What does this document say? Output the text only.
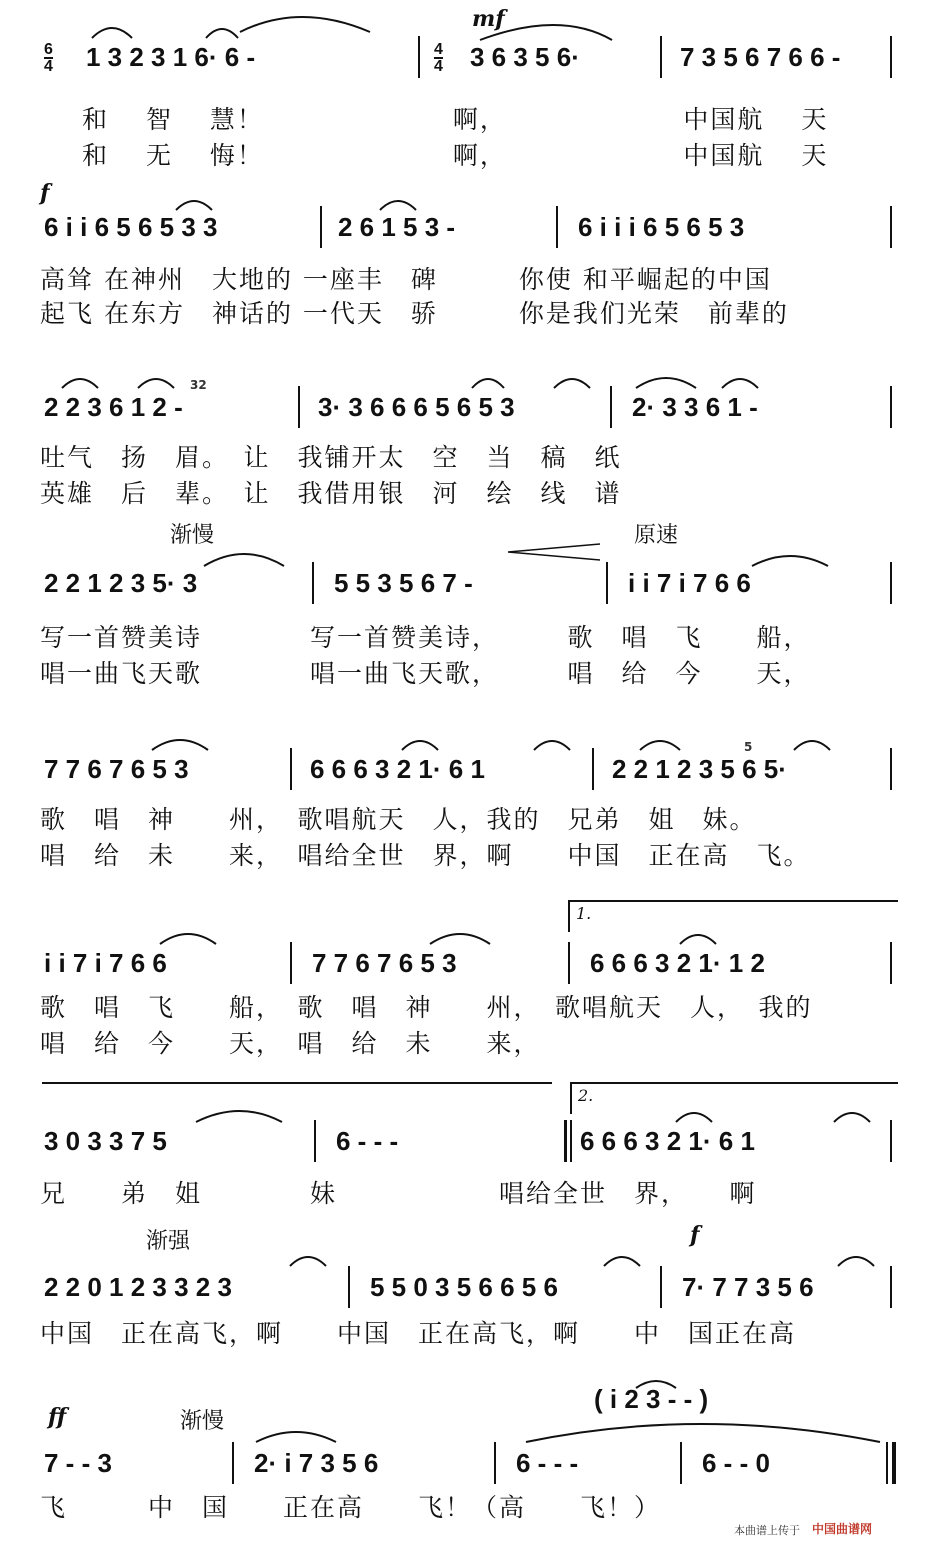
6
4
mf
1 3 2 3 1 6· 6 -	4
4 3 6 3 5 6·	7 3 5 6 7 6 6 -
和　 智　 慧！　　　　　　　啊，　　　　　　　中国航　 天
和　 无　 悔！　　　　　　　啊，　　　　　　　中国航　 天
f
6 i i 6 5 6 5 3 3	2 6 1 5 3 -	6 i i i 6 5 6 5 3
高耸 在神州　大地的 一座丰　碑　　　你使 和平崛起的中国
起飞 在东方　神话的 一代天　骄　　　你是我们光荣　前辈的
2 2 3 6 1 2 -
32
3· 3 6 6 6 5 6 5 3	2· 3 3 6 1 -
吐气　扬　眉。　让　我铺开太　空　当　稿　纸
英雄　后　辈。　让　我借用银　河　绘　线　谱
渐慢	原速
2 2 1 2 3 5· 3	5 5 3 5 6 7 -	i i 7 i 7 6 6
写一首赞美诗　　　　写一首赞美诗，　　　歌　唱　飞　　船，
唱一曲飞天歌　　　　唱一曲飞天歌，　　　唱　给　今　　天，
7 7 6 7 6 5 3	6 6 6 3 2 1· 6 1	2 2 1 2 3 5 6 5·
5
歌　唱　神　　州，　歌唱航天　人，我的　兄弟　姐　妹。
唱　给　未　　来，　唱给全世　界，啊　　中国　正在高　飞。
1.
i i 7 i 7 6 6	7 7 6 7 6 5 3	6 6 6 3 2 1· 1 2
歌　唱　飞　　船，　歌　唱　神　　州，　歌唱航天　人，　我的
唱　给　今　　天，　唱　给　未　　来，
2.
3 0 3 3 7 5	6 - - -	6 6 6 3 2 1· 6 1
兄　　弟　姐　　　　妹　　　　　　唱给全世　界，　　啊
渐强	f
2 2 0 1 2 3 3 2 3	5 5 0 3 5 6 6 5 6	7· 7 7 3 5 6
中国　正在高飞，啊　　中国　正在高飞，啊　　中　国正在高
( i 2 3 - - )
ff	渐慢
7 - - 3	2· i 7 3 5 6	6 - - -	6 - - 0
飞　　　中　国　　正在高　　飞！（高　　飞！）
本曲谱上传于 中国曲谱网
